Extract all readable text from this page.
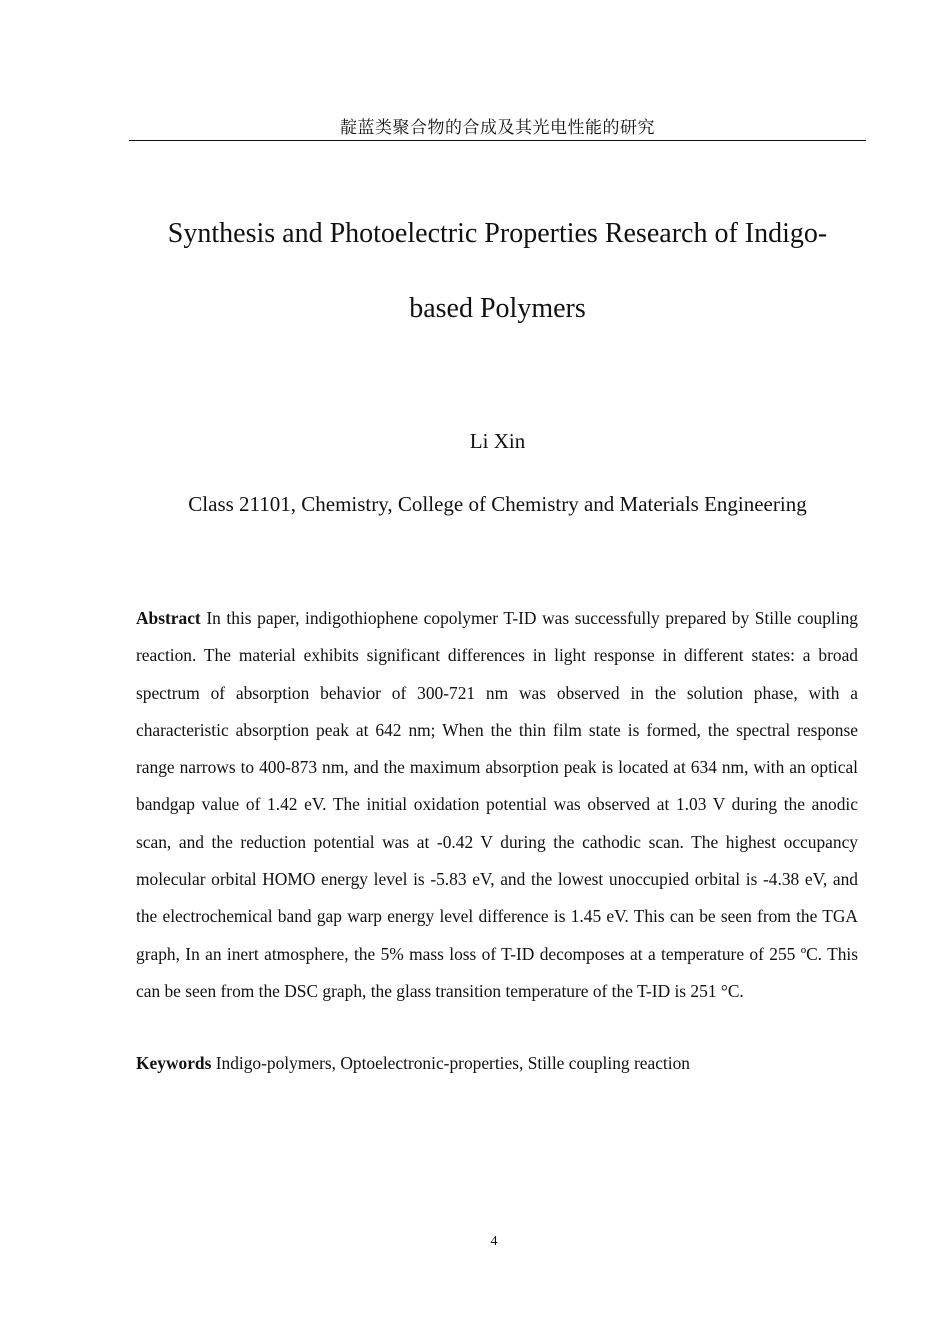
靛蓝类聚合物的合成及其光电性能的研究
Synthesis and Photoelectric Properties Research of Indigo-
based Polymers
Li Xin
Class 21101, Chemistry, College of Chemistry and Materials Engineering

Abstract In this paper, indigothiophene copolymer T-ID was successfully prepared by Stille coupling reaction. The material exhibits significant differences in light response in different states: a broad spectrum of absorption behavior of 300-721 nm was observed in the solution phase, with a characteristic absorption peak at 642 nm; When the thin film state is formed, the spectral response range narrows to 400-873 nm, and the maximum absorption peak is located at 634 nm, with an optical bandgap value of 1.42 eV. The initial oxidation potential was observed at 1.03 V during the anodic scan, and the reduction potential was at -0.42 V during the cathodic scan. The highest occupancy molecular orbital HOMO energy level is -5.83 eV, and the lowest unoccupied orbital is -4.38 eV, and the electrochemical band gap warp energy level difference is 1.45 eV. This can be seen from the TGA graph, In an inert atmosphere, the 5% mass loss of T-ID decomposes at a temperature of 255 ºC. This can be seen from the DSC graph, the glass transition temperature of the T-ID is 251 °C.

Keywords Indigo-polymers, Optoelectronic-properties, Stille coupling reaction

4
